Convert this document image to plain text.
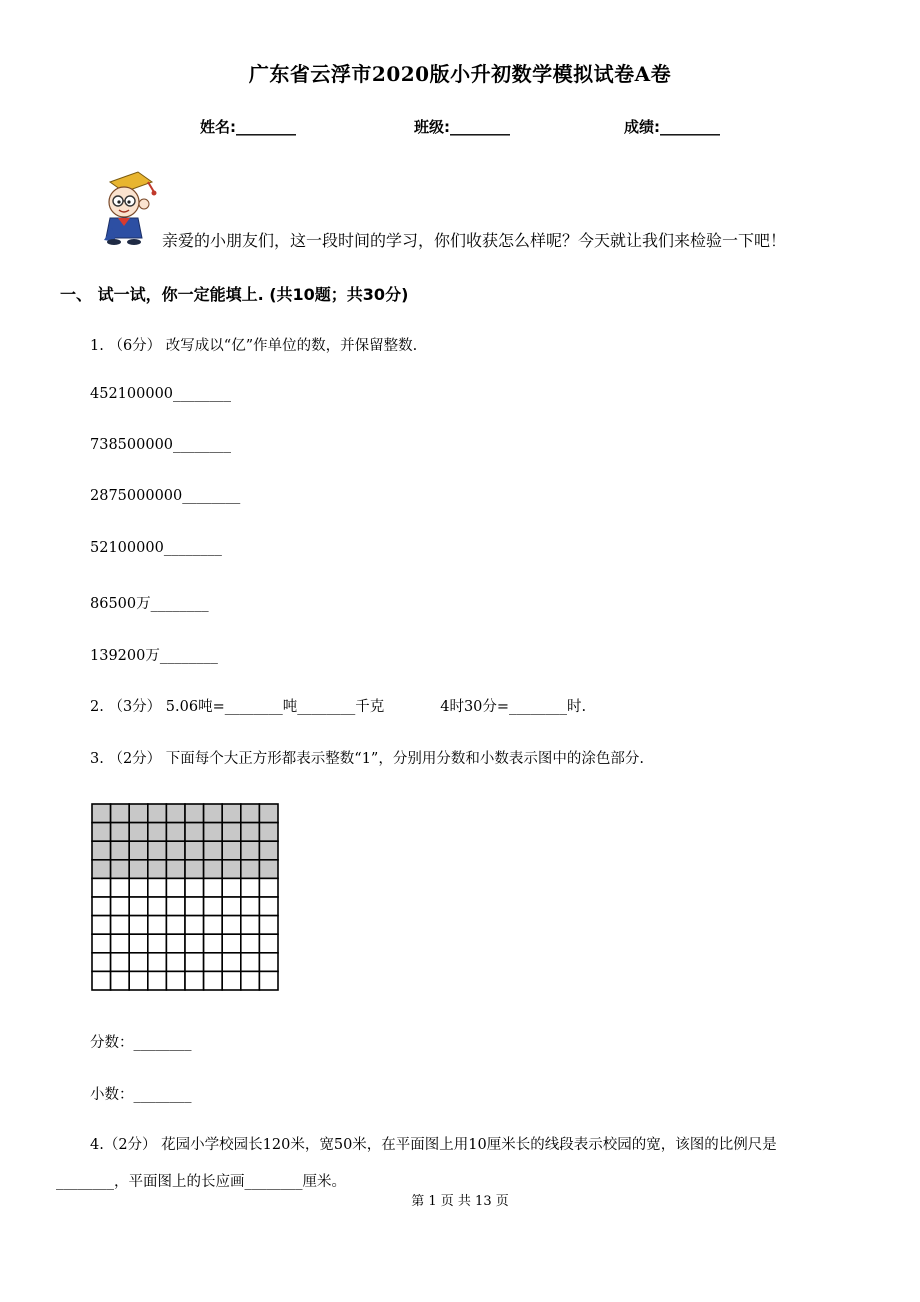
广东省云浮市2020版小升初数学模拟试卷A卷
姓名:________	班级:________	成绩:________
亲爱的小朋友们，这一段时间的学习，你们收获怎么样呢？今天就让我们来检验一下吧！
一、 试一试，你一定能填上. (共10题；共30分)
1. （6分） 改写成以“亿”作单位的数，并保留整数.
452100000________
738500000________
2875000000________
52100000________
86500万________
139200万________
2. （3分） 5.06吨=________吨________千克	4时30分=________时.
3. （2分） 下面每个大正方形都表示整数“1”，分别用分数和小数表示图中的涂色部分.
分数：________
小数：________
4.（2分） 花园小学校园长120米，宽50米，在平面图上用10厘米长的线段表示校园的宽，该图的比例尺是
________，平面图上的长应画________厘米。
第 1 页 共 13 页
